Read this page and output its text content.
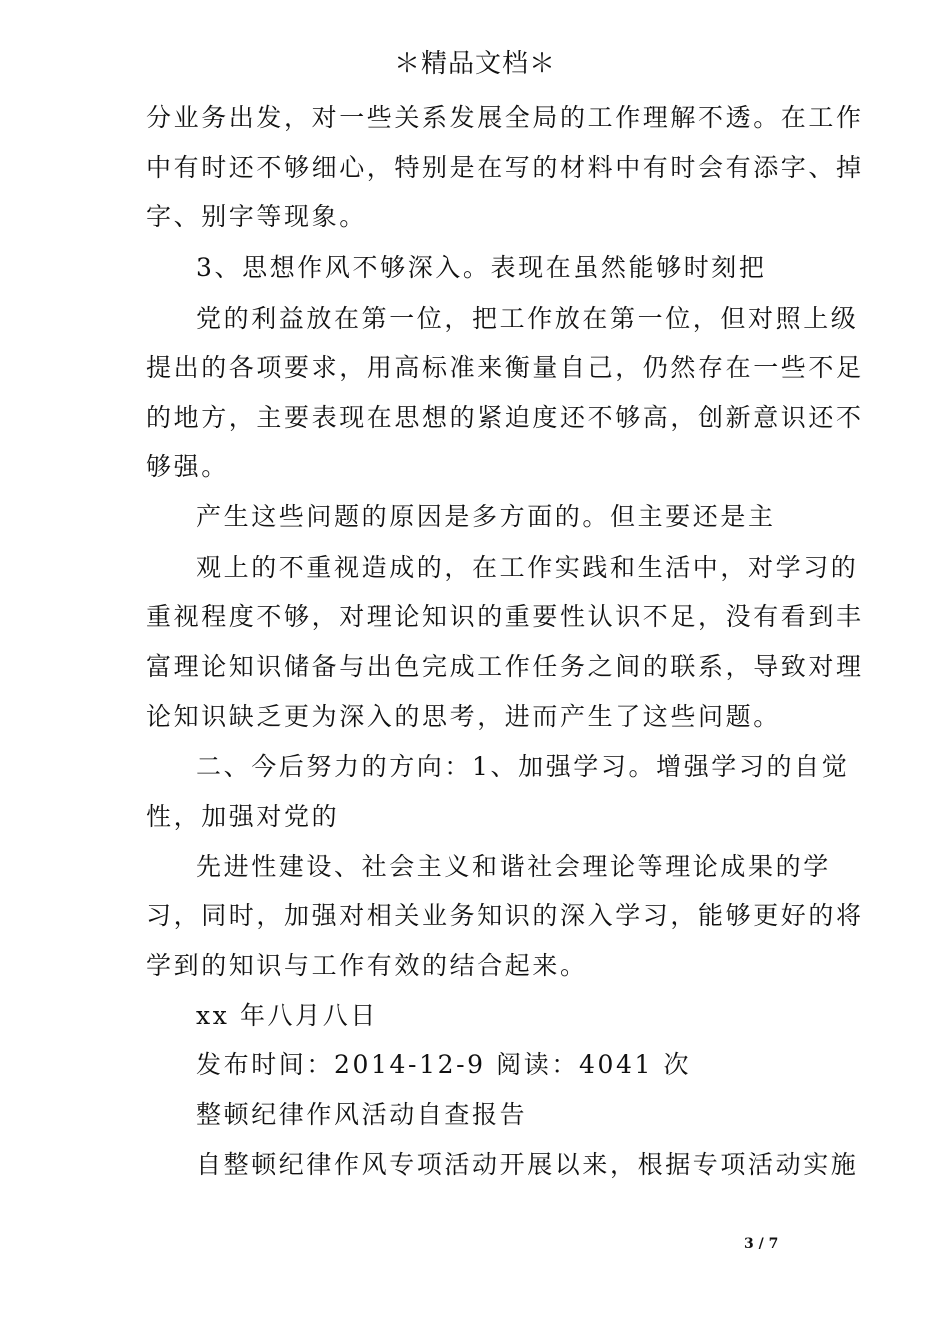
＊精品文档＊
分业务出发，对一些关系发展全局的工作理解不透。在工作
中有时还不够细心，特别是在写的材料中有时会有添字、掉
字、别字等现象。
3、思想作风不够深入。表现在虽然能够时刻把
党的利益放在第一位，把工作放在第一位，但对照上级
提出的各项要求，用高标准来衡量自己，仍然存在一些不足
的地方，主要表现在思想的紧迫度还不够高，创新意识还不
够强。
产生这些问题的原因是多方面的。但主要还是主
观上的不重视造成的，在工作实践和生活中，对学习的
重视程度不够，对理论知识的重要性认识不足，没有看到丰
富理论知识储备与出色完成工作任务之间的联系，导致对理
论知识缺乏更为深入的思考，进而产生了这些问题。
二、今后努力的方向：1、加强学习。增强学习的自觉
性，加强对党的
先进性建设、社会主义和谐社会理论等理论成果的学
习，同时，加强对相关业务知识的深入学习，能够更好的将
学到的知识与工作有效的结合起来。
xx 年八月八日
发布时间：2014-12-9 阅读：4041 次
整顿纪律作风活动自查报告
自整顿纪律作风专项活动开展以来，根据专项活动实施
3 / 7
